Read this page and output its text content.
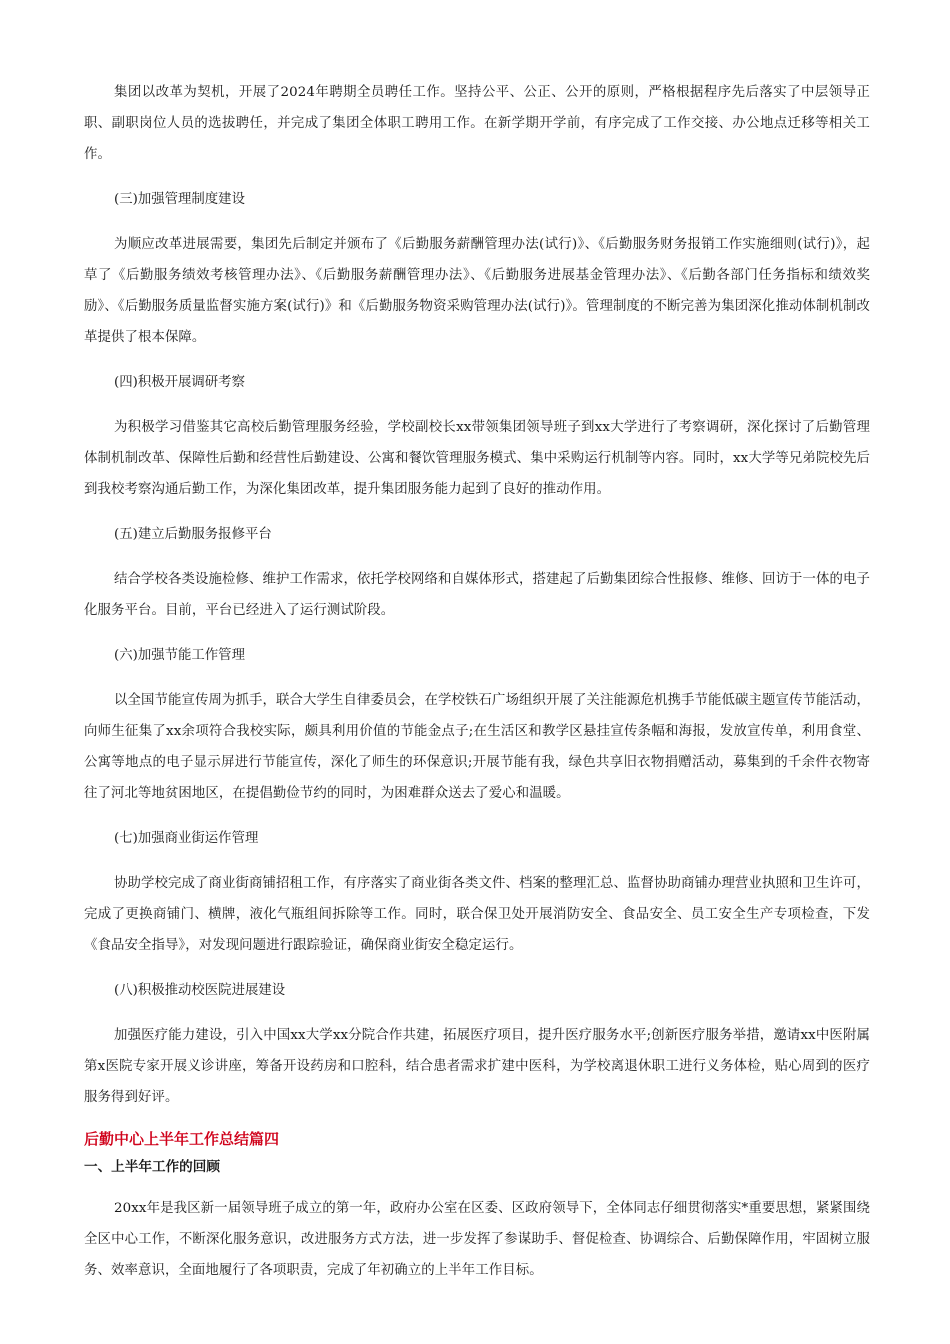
集团以改革为契机，开展了2024年聘期全员聘任工作。坚持公平、公正、公开的原则，严格根据程序先后落实了中层领导正职、副职岗位人员的选拔聘任，并完成了集团全体职工聘用工作。在新学期开学前，有序完成了工作交接、办公地点迁移等相关工作。

(三)加强管理制度建设

为顺应改革进展需要，集团先后制定并颁布了《后勤服务薪酬管理办法(试行)》、《后勤服务财务报销工作实施细则(试行)》，起草了《后勤服务绩效考核管理办法》、《后勤服务薪酬管理办法》、《后勤服务进展基金管理办法》、《后勤各部门任务指标和绩效奖励》、《后勤服务质量监督实施方案(试行)》和《后勤服务物资采购管理办法(试行)》。管理制度的不断完善为集团深化推动体制机制改革提供了根本保障。

(四)积极开展调研考察

为积极学习借鉴其它高校后勤管理服务经验，学校副校长xx带领集团领导班子到xx大学进行了考察调研，深化探讨了后勤管理体制机制改革、保障性后勤和经营性后勤建设、公寓和餐饮管理服务模式、集中采购运行机制等内容。同时，xx大学等兄弟院校先后到我校考察沟通后勤工作，为深化集团改革，提升集团服务能力起到了良好的推动作用。

(五)建立后勤服务报修平台

结合学校各类设施检修、维护工作需求，依托学校网络和自媒体形式，搭建起了后勤集团综合性报修、维修、回访于一体的电子化服务平台。目前，平台已经进入了运行测试阶段。

(六)加强节能工作管理

以全国节能宣传周为抓手，联合大学生自律委员会，在学校铁石广场组织开展了关注能源危机携手节能低碳主题宣传节能活动，向师生征集了xx余项符合我校实际，颇具利用价值的节能金点子;在生活区和教学区悬挂宣传条幅和海报，发放宣传单，利用食堂、公寓等地点的电子显示屏进行节能宣传，深化了师生的环保意识;开展节能有我，绿色共享旧衣物捐赠活动，募集到的千余件衣物寄往了河北等地贫困地区，在提倡勤俭节约的同时，为困难群众送去了爱心和温暖。

(七)加强商业街运作管理

协助学校完成了商业街商铺招租工作，有序落实了商业街各类文件、档案的整理汇总、监督协助商铺办理营业执照和卫生许可，完成了更换商铺门、横牌，液化气瓶组间拆除等工作。同时，联合保卫处开展消防安全、食品安全、员工安全生产专项检查，下发《食品安全指导》，对发现问题进行跟踪验证，确保商业街安全稳定运行。

(八)积极推动校医院进展建设

加强医疗能力建设，引入中国xx大学xx分院合作共建，拓展医疗项目，提升医疗服务水平;创新医疗服务举措，邀请xx中医附属第x医院专家开展义诊讲座，筹备开设药房和口腔科，结合患者需求扩建中医科，为学校离退休职工进行义务体检，贴心周到的医疗服务得到好评。

后勤中心上半年工作总结篇四
一、上半年工作的回顾

20xx年是我区新一届领导班子成立的第一年，政府办公室在区委、区政府领导下，全体同志仔细贯彻落实*重要思想，紧紧围绕全区中心工作，不断深化服务意识，改进服务方式方法，进一步发挥了参谋助手、督促检查、协调综合、后勤保障作用，牢固树立服务、效率意识，全面地履行了各项职责，完成了年初确立的上半年工作目标。
